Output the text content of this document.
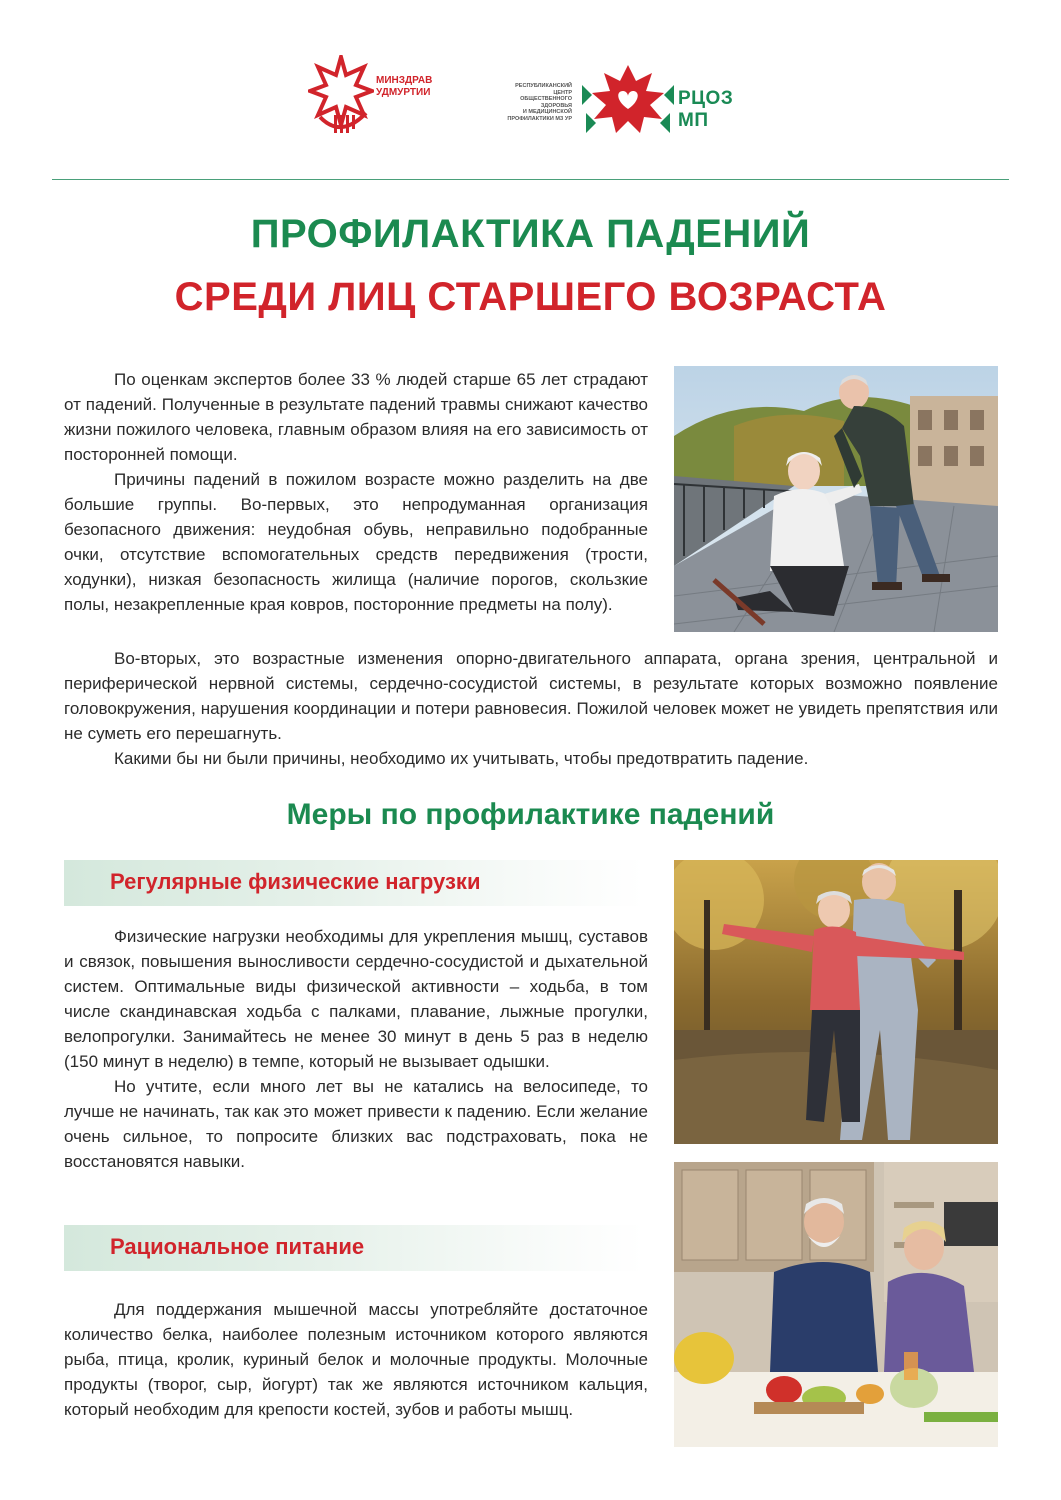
МИНЗДРАВ
УДМУРТИИ
РЕСПУБЛИКАНСКИЙ ЦЕНТР
ОБЩЕСТВЕННОГО ЗДОРОВЬЯ
И МЕДИЦИНСКОЙ
ПРОФИЛАКТИКИ МЗ УР
РЦОЗ МП
ПРОФИЛАКТИКА ПАДЕНИЙ
СРЕДИ ЛИЦ СТАРШЕГО ВОЗРАСТА

По оценкам экспертов более 33 % людей старше 65 лет страдают от падений. Полученные в результате падений травмы снижают качество жизни пожилого человека, главным образом влияя на его зависимость от посторонней помощи.

Причины падений в пожилом возрасте можно разделить на две большие группы. Во-первых, это непродуманная организация безопасного движения: неудобная обувь, неправильно подобранные очки, отсутствие вспомогательных средств передвижения (трости, ходунки), низкая безопасность жилища (наличие порогов, скользкие полы, незакрепленные края ковров, посторонние предметы на полу).

Во-вторых, это возрастные изменения опорно-двигательного аппарата, органа зрения, центральной и периферической нервной системы, сердечно-сосудистой системы, в результате которых возможно появление головокружения, нарушения координации и потери равновесия. Пожилой человек может не увидеть препятствия или не суметь его перешагнуть.

Какими бы ни были причины, необходимо их учитывать, чтобы предотвратить падение.

Меры по профилактике падений
Регулярные физические нагрузки

Физические нагрузки необходимы для укрепления мышц, суставов и связок, повышения выносливости сердечно-сосудистой и дыхательной систем. Оптимальные виды физической активности – ходьба, в том числе скандинавская ходьба с палками, плавание, лыжные прогулки, велопрогулки. Занимайтесь не менее 30 минут в день 5 раз в неделю (150 минут в неделю) в темпе, который не вызывает одышки.

Но учтите, если много лет вы не катались на велосипеде, то лучше не начинать, так как это может привести к падению. Если желание очень сильное, то попросите близких вас подстраховать, пока не восстановятся навыки.

Рациональное питание

Для поддержания мышечной массы употребляйте достаточное количество белка, наиболее полезным источником которого являются рыба, птица, кролик, куриный белок и молочные продукты. Молочные продукты (творог, сыр, йогурт) так же являются источником кальция, который необходим для крепости костей, зубов и работы мышц.
